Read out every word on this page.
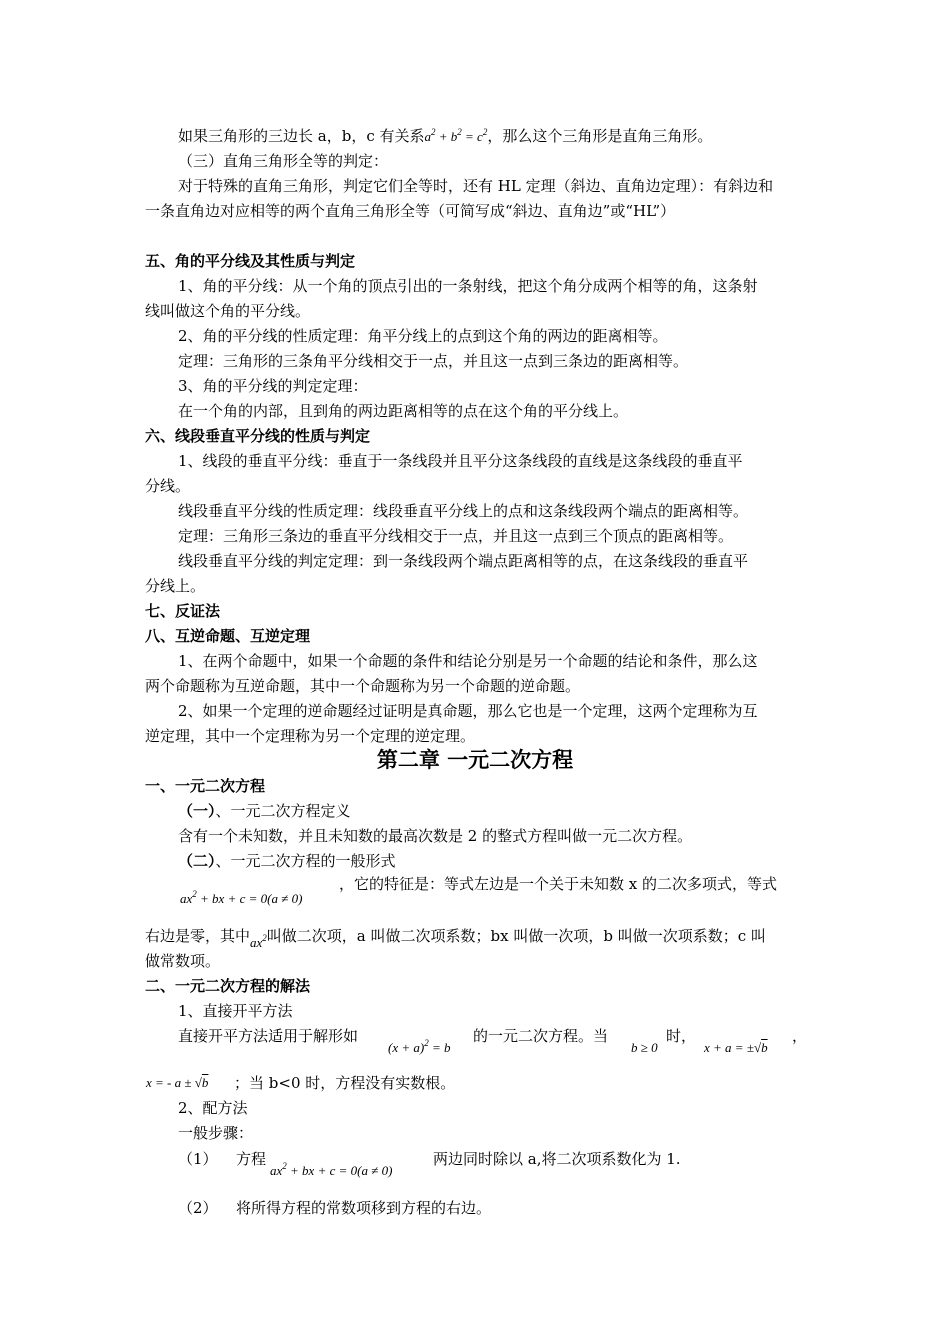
如果三角形的三边长 a，b，c 有关系$a^2 + b^2 = c^2$，那么这个三角形是直角三角形。
（三）直角三角形全等的判定：
对于特殊的直角三角形，判定它们全等时，还有 HL 定理（斜边、直角边定理）：有斜边和
一条直角边对应相等的两个直角三角形全等（可简写成“斜边、直角边”或“HL”）
五、角的平分线及其性质与判定
1、角的平分线：从一个角的顶点引出的一条射线，把这个角分成两个相等的角，这条射
线叫做这个角的平分线。
2、角的平分线的性质定理：角平分线上的点到这个角的两边的距离相等。
定理：三角形的三条角平分线相交于一点，并且这一点到三条边的距离相等。
3、角的平分线的判定定理：
在一个角的内部，且到角的两边距离相等的点在这个角的平分线上。
六、线段垂直平分线的性质与判定
1、线段的垂直平分线：垂直于一条线段并且平分这条线段的直线是这条线段的垂直平
分线。
线段垂直平分线的性质定理：线段垂直平分线上的点和这条线段两个端点的距离相等。
定理：三角形三条边的垂直平分线相交于一点，并且这一点到三个顶点的距离相等。
线段垂直平分线的判定定理：到一条线段两个端点距离相等的点，在这条线段的垂直平
分线上。
七、反证法
八、互逆命题、互逆定理
1、在两个命题中，如果一个命题的条件和结论分别是另一个命题的结论和条件，那么这
两个命题称为互逆命题，其中一个命题称为另一个命题的逆命题。
2、如果一个定理的逆命题经过证明是真命题，那么它也是一个定理，这两个定理称为互
逆定理，其中一个定理称为另一个定理的逆定理。
第二章 一元二次方程
一、一元二次方程
（一）、一元二次方程定义
含有一个未知数，并且未知数的最高次数是 2 的整式方程叫做一元二次方程。
（二）、一元二次方程的一般形式
$ax^2$ + bx + c = 0(a ≠ 0)
，它的特征是：等式左边是一个关于未知数 x 的二次多项式，等式
右边是零，其中$ax^2$叫做二次项，a 叫做二次项系数；bx 叫做一次项，b 叫做一次项系数；c 叫
做常数项。
二、一元二次方程的解法
1、直接开平方法
直接开平方法适用于解形如
$(x + a)^2 = b$
的一元二次方程。当
b ≥ 0
时，
x + a = ±√b
，
x = - a ± √b ；当 b<0 时，方程没有实数根。
2、配方法
一般步骤：
（1） 方程
$ax^2$ + bx + c = 0(a ≠ 0)
两边同时除以 a,将二次项系数化为 1.
（2） 将所得方程的常数项移到方程的右边。
